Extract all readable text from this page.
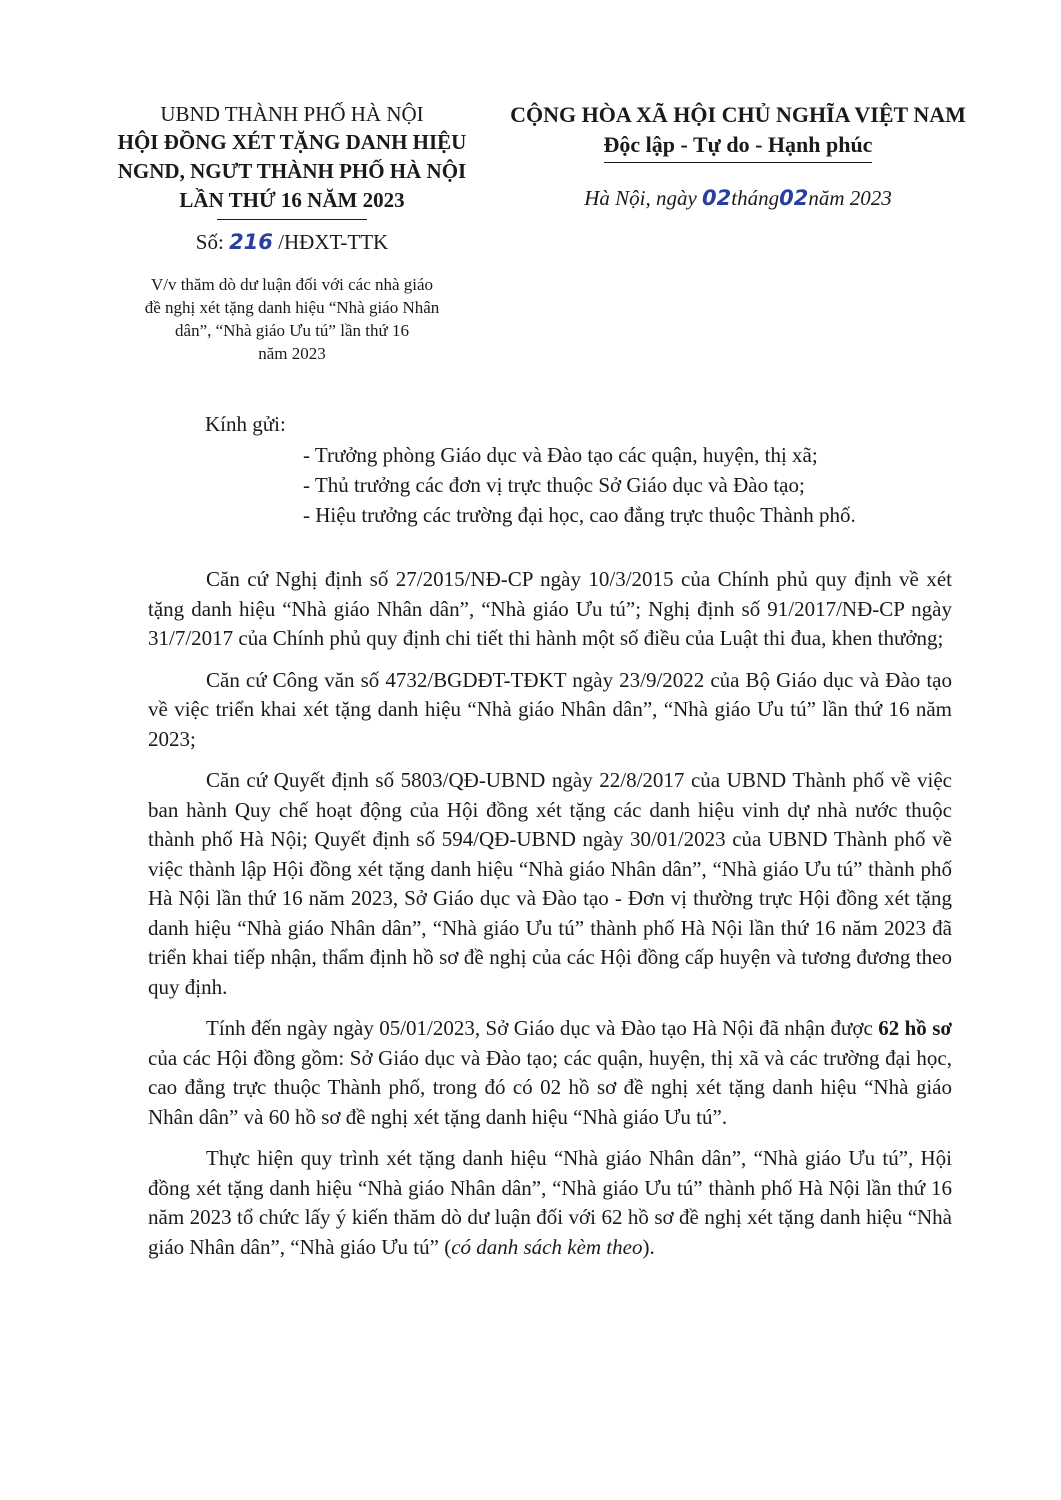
UBND THÀNH PHỐ HÀ NỘI
HỘI ĐỒNG XÉT TẶNG DANH HIỆU
NGND, NGƯT THÀNH PHỐ HÀ NỘI
LẦN THỨ 16 NĂM 2023
CỘNG HÒA XÃ HỘI CHỦ NGHĨA VIỆT NAM
Độc lập - Tự do - Hạnh phúc
Hà Nội, ngày 02tháng02năm 2023
Số: 216 /HĐXT-TTK
V/v thăm dò dư luận đối với các nhà giáo
đề nghị xét tặng danh hiệu “Nhà giáo Nhân
dân”, “Nhà giáo Ưu tú” lần thứ 16
năm 2023
Kính gửi:
- Trưởng phòng Giáo dục và Đào tạo các quận, huyện, thị xã;
- Thủ trưởng các đơn vị trực thuộc Sở Giáo dục và Đào tạo;
- Hiệu trưởng các trường đại học, cao đẳng trực thuộc Thành phố.

Căn cứ Nghị định số 27/2015/NĐ-CP ngày 10/3/2015 của Chính phủ quy định về xét tặng danh hiệu “Nhà giáo Nhân dân”, “Nhà giáo Ưu tú”; Nghị định số 91/2017/NĐ-CP ngày 31/7/2017 của Chính phủ quy định chi tiết thi hành một số điều của Luật thi đua, khen thưởng;

Căn cứ Công văn số 4732/BGDĐT-TĐKT ngày 23/9/2022 của Bộ Giáo dục và Đào tạo về việc triển khai xét tặng danh hiệu “Nhà giáo Nhân dân”, “Nhà giáo Ưu tú” lần thứ 16 năm 2023;

Căn cứ Quyết định số 5803/QĐ-UBND ngày 22/8/2017 của UBND Thành phố về việc ban hành Quy chế hoạt động của Hội đồng xét tặng các danh hiệu vinh dự nhà nước thuộc thành phố Hà Nội; Quyết định số 594/QĐ-UBND ngày 30/01/2023 của UBND Thành phố về việc thành lập Hội đồng xét tặng danh hiệu “Nhà giáo Nhân dân”, “Nhà giáo Ưu tú” thành phố Hà Nội lần thứ 16 năm 2023, Sở Giáo dục và Đào tạo - Đơn vị thường trực Hội đồng xét tặng danh hiệu “Nhà giáo Nhân dân”, “Nhà giáo Ưu tú” thành phố Hà Nội lần thứ 16 năm 2023 đã triển khai tiếp nhận, thẩm định hồ sơ đề nghị của các Hội đồng cấp huyện và tương đương theo quy định.

Tính đến ngày ngày 05/01/2023, Sở Giáo dục và Đào tạo Hà Nội đã nhận được 62 hồ sơ của các Hội đồng gồm: Sở Giáo dục và Đào tạo; các quận, huyện, thị xã và các trường đại học, cao đẳng trực thuộc Thành phố, trong đó có 02 hồ sơ đề nghị xét tặng danh hiệu “Nhà giáo Nhân dân” và 60 hồ sơ đề nghị xét tặng danh hiệu “Nhà giáo Ưu tú”.

Thực hiện quy trình xét tặng danh hiệu “Nhà giáo Nhân dân”, “Nhà giáo Ưu tú”, Hội đồng xét tặng danh hiệu “Nhà giáo Nhân dân”, “Nhà giáo Ưu tú” thành phố Hà Nội lần thứ 16 năm 2023 tổ chức lấy ý kiến thăm dò dư luận đối với 62 hồ sơ đề nghị xét tặng danh hiệu “Nhà giáo Nhân dân”, “Nhà giáo Ưu tú” (có danh sách kèm theo).
